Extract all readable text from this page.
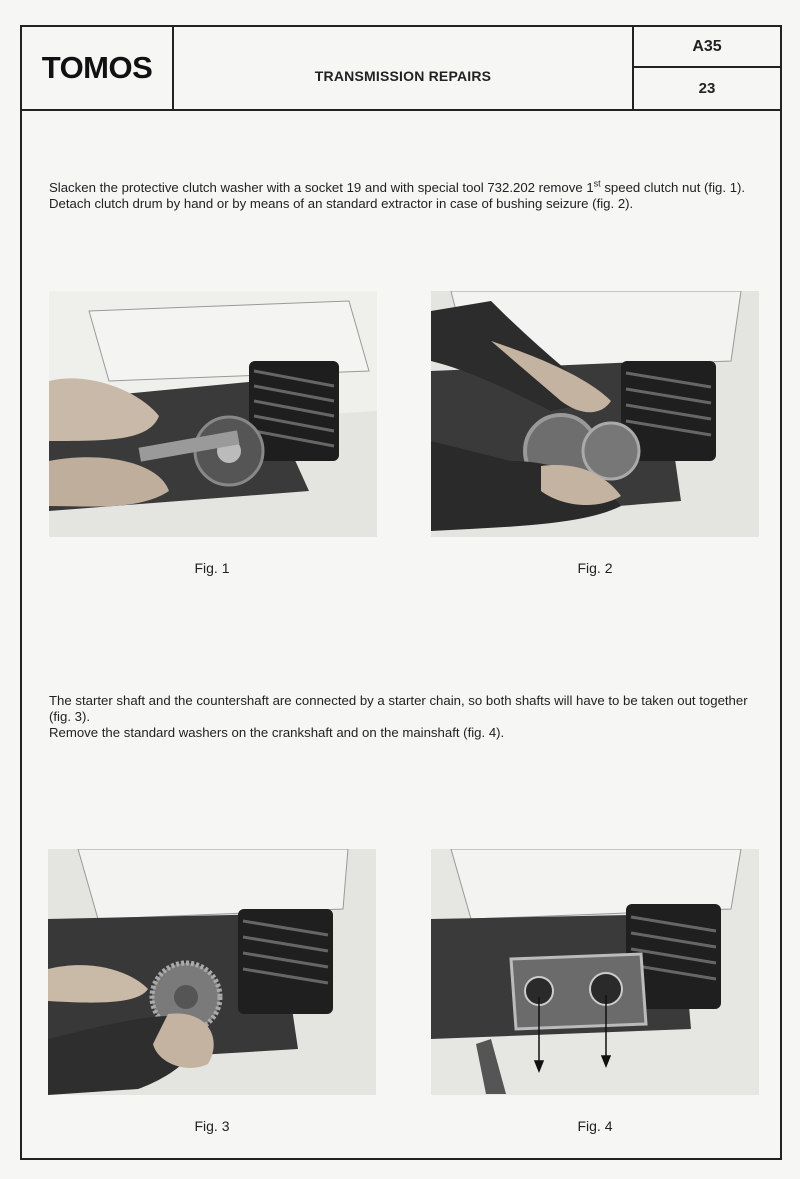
TOMOS	TRANSMISSION REPAIRS
A35
23

Slacken the protective clutch washer with a socket 19 and with special tool 732.202 remove 1st speed clutch nut (fig. 1).

Detach clutch drum by hand or by means of an standard extractor in case of bushing seizure (fig. 2).

Fig. 1	Fig. 2

The starter shaft and the countershaft are connected by a starter chain, so both shafts will have to be taken out together (fig. 3).

Remove the standard washers on the crankshaft and on the mainshaft (fig. 4).

Fig. 3	Fig. 4
